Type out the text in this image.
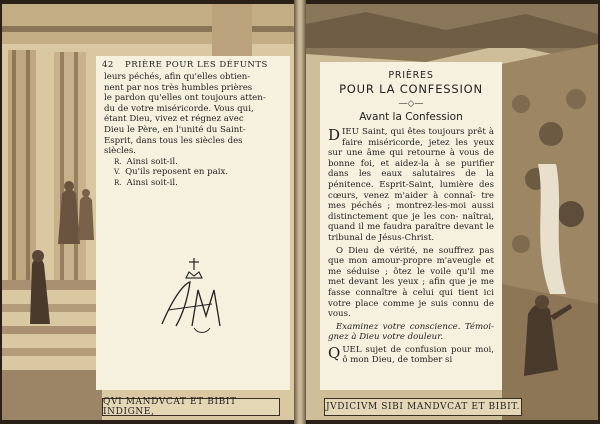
42 PRIÈRE POUR LES DÉFUNTS

leurs péchés, afin qu'elles obtien-

nent par nos très humbles prières

le pardon qu'elles ont toujours atten-

du de votre miséricorde. Vous qui,

étant Dieu, vivez et régnez avec

Dieu le Père, en l'unité du Saint-

Esprit, dans tous les siècles des

siècles.

R. Ainsi soit-il.
V. Qu'ils reposent en paix.
R. Ainsi soit-il.
QVI MANDVCAT ET BIBIT INDIGNE,
PRIÈRES
POUR LA CONFESSION
—◇—
Avant la Confession

D IEU Saint, qui êtes toujours prêt à faire miséricorde, jetez les yeux sur une âme qui retourne à vous de bonne foi, et aidez-la à se purifier dans les eaux salutaires de la pénitence. Esprit-Saint, lumière des cœurs, venez m'aider à connaî- tre mes péchés ; montrez-les-moi aussi distinctement que je les con- naîtrai, quand il me faudra paraître devant le tribunal de Jésus-Christ.

O Dieu de vérité, ne souffrez pas que mon amour-propre m'aveugle et me séduise ; ôtez le voile qu'il me met devant les yeux ; afin que je me fasse connaître à celui qui tient ici votre place comme je suis connu de vous.

Examinez votre conscience. Témoi- gnez à Dieu votre douleur.

Q UEL sujet de confusion pour moi, ô mon Dieu, de tomber si

JVDICIVM SIBI MANDVCAT ET BIBIT.
